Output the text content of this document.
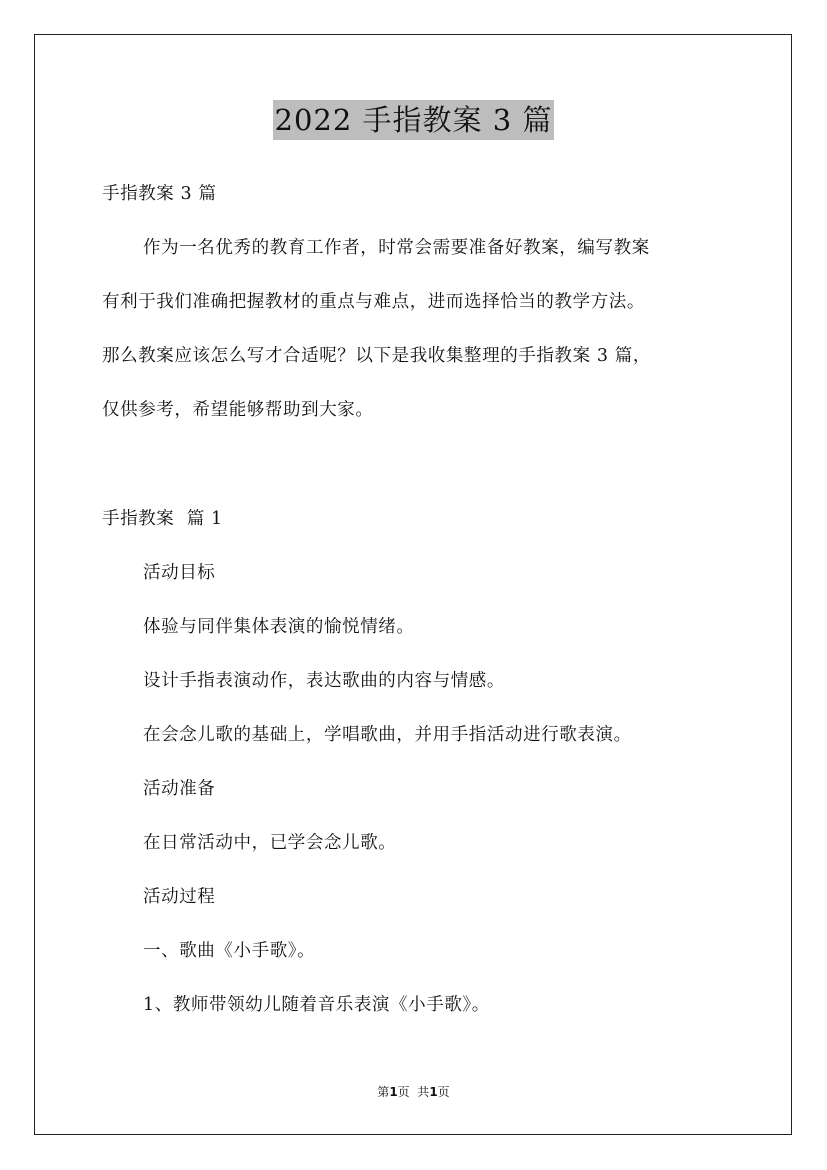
2022 手指教案 3 篇
手指教案 3 篇
作为一名优秀的教育工作者，时常会需要准备好教案，编写教案
有利于我们准确把握教材的重点与难点，进而选择恰当的教学方法。
那么教案应该怎么写才合适呢？以下是我收集整理的手指教案 3 篇，
仅供参考，希望能够帮助到大家。
手指教案  篇 1
活动目标
体验与同伴集体表演的愉悦情绪。
设计手指表演动作，表达歌曲的内容与情感。
在会念儿歌的基础上，学唱歌曲，并用手指活动进行歌表演。
活动准备
在日常活动中，已学会念儿歌。
活动过程
一、歌曲《小手歌》。
1、教师带领幼儿随着音乐表演《小手歌》。
第1页  共1页
